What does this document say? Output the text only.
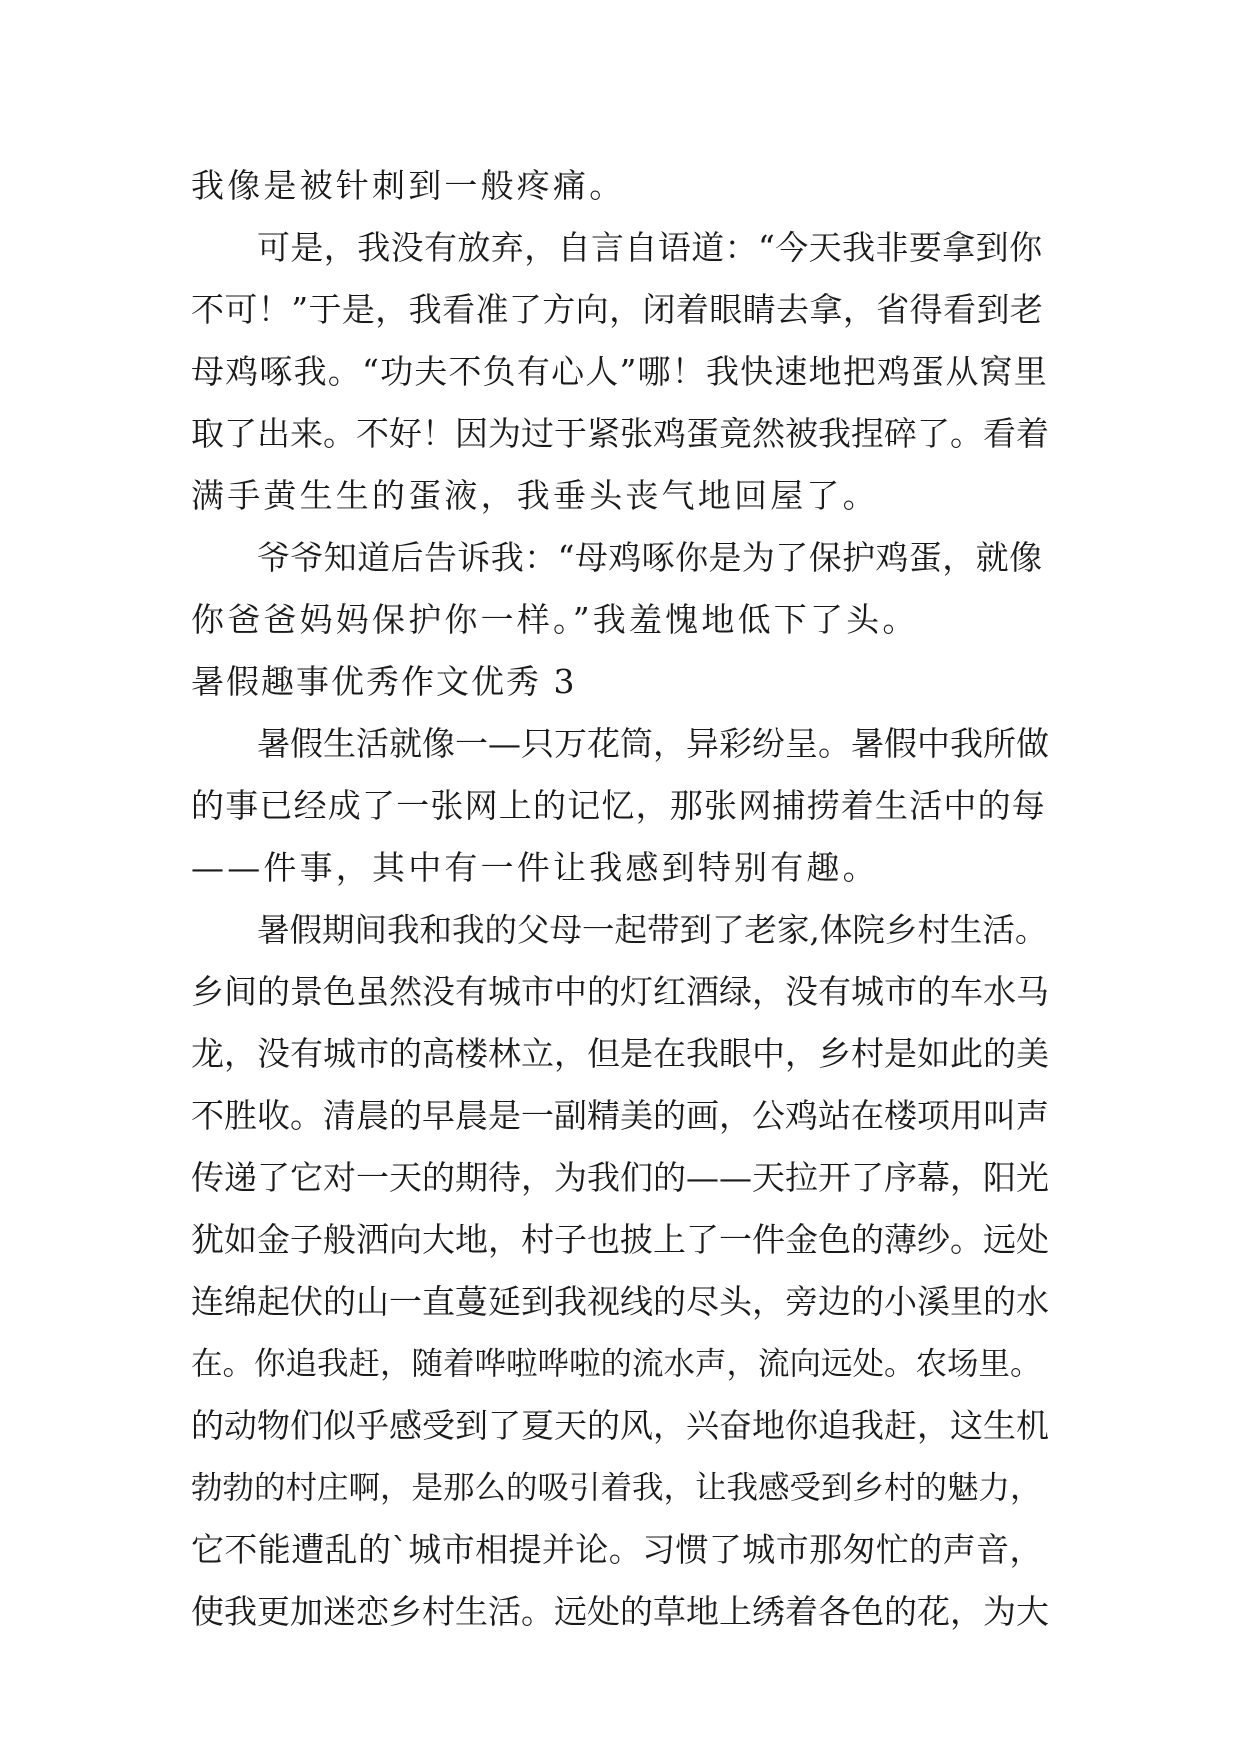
我像是被针刺到一般疼痛。
可是，我没有放弃，自言自语道：“今天我非要拿到你
不可！”于是，我看准了方向，闭着眼睛去拿，省得看到老
母鸡啄我。“功夫不负有心人”哪！我快速地把鸡蛋从窝里
取了出来。不好！因为过于紧张鸡蛋竟然被我捏碎了。看着
满手黄生生的蛋液，我垂头丧气地回屋了。
爷爷知道后告诉我：“母鸡啄你是为了保护鸡蛋，就像
你爸爸妈妈保护你一样。”我羞愧地低下了头。
暑假趣事优秀作文优秀 3
暑假生活就像一—只万花筒，异彩纷呈。暑假中我所做
的事已经成了一张网上的记忆，那张网捕捞着生活中的每
——件事，其中有一件让我感到特别有趣。
暑假期间我和我的父母一起带到了老家,体院乡村生活。
乡间的景色虽然没有城市中的灯红酒绿，没有城市的车水马
龙，没有城市的高楼林立，但是在我眼中，乡村是如此的美
不胜收。清晨的早晨是一副精美的画，公鸡站在楼项用叫声
传递了它对一天的期待，为我们的——天拉开了序幕，阳光
犹如金子般洒向大地，村子也披上了一件金色的薄纱。远处
连绵起伏的山一直蔓延到我视线的尽头，旁边的小溪里的水
在。你追我赶，随着哗啦哗啦的流水声，流向远处。农场里。
的动物们似乎感受到了夏天的风，兴奋地你追我赶，这生机
勃勃的村庄啊，是那么的吸引着我，让我感受到乡村的魅力，
它不能遭乱的`城市相提并论。习惯了城市那匆忙的声音，
使我更加迷恋乡村生活。远处的草地上绣着各色的花，为大
